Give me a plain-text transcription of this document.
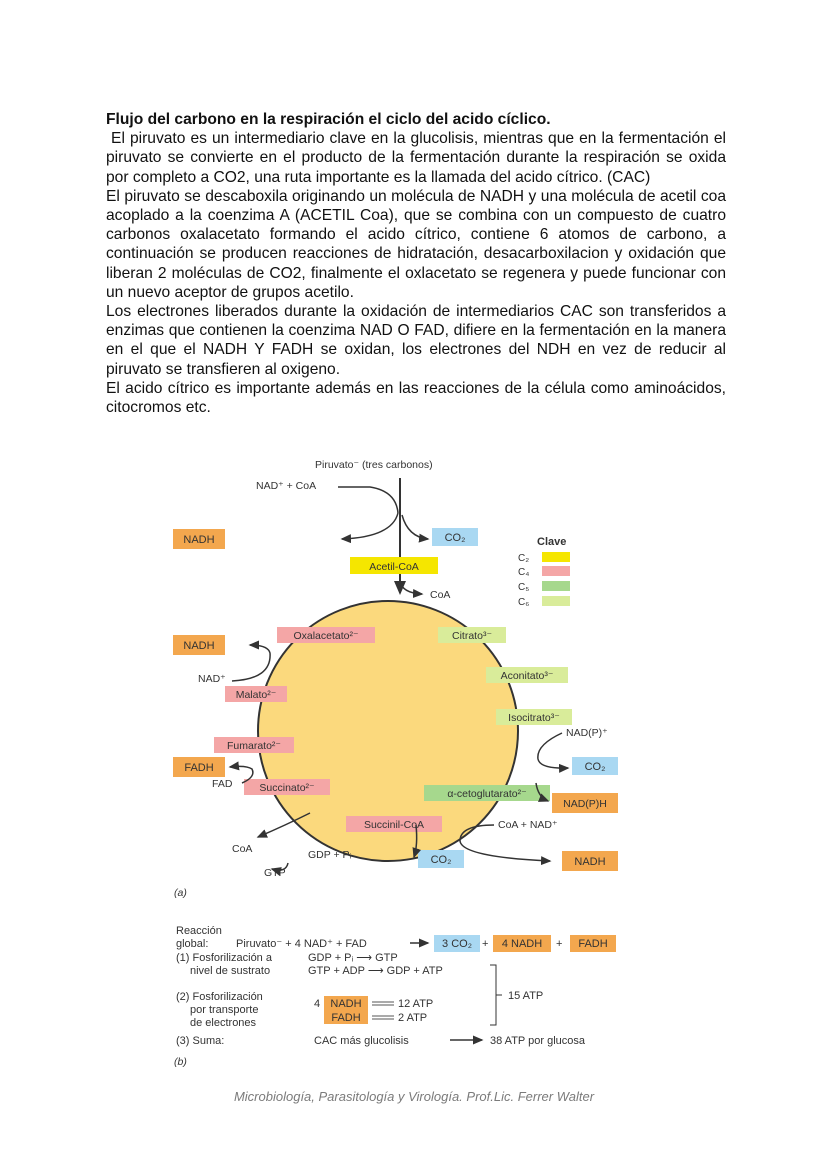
Flujo del carbono en la respiración el ciclo del acido cíclico.

El piruvato es un intermediario clave en la glucolisis, mientras que en la fermentación el piruvato se convierte en el producto de la fermentación durante la respiración se oxida por completo a CO2, una ruta importante es la llamada del acido cítrico. (CAC)

El piruvato se descaboxila originando un molécula de NADH y una molécula de acetil coa acoplado a la coenzima A (ACETIL Coa), que se combina con un compuesto de cuatro carbonos oxalacetato formando el acido cítrico, contiene 6 atomos de carbono, a continuación se producen reacciones de hidratación, desacarboxilacion y oxidación que liberan 2 moléculas de CO2, finalmente el oxlacetato se regenera y puede funcionar con un nuevo aceptor de grupos acetilo.

Los electrones liberados durante la oxidación de intermediarios CAC son transferidos a enzimas que contienen la coenzima NAD O FAD, difiere en la fermentación en la manera en el que el NADH Y FADH se oxidan, los electrones del NDH en vez de reducir al piruvato se transfieren al oxigeno.

El acido cítrico es importante además en las reacciones de la célula como aminoácidos, citocromos etc.

Piruvato⁻ (tres carbonos)
NAD⁺ + CoA
NADH	CO₂
Acetil-CoA
CoA
Clave
C₂
C₄
C₅
C₆
Oxalacetato²⁻	Citrato³⁻
NADH
NAD⁺
Malato²⁻
Aconitato³⁻
Isocitrato³⁻
NAD(P)⁺
CO₂
α-cetoglutarato²⁻
NAD(P)H
CoA + NAD⁺
NADH
Succinil-CoA
CO₂
CoA	GDP + Pᵢ
GTP
Succinato²⁻
FAD
FADH
Fumarato²⁻
(a)
Reacción
global:	Piruvato⁻ + 4 NAD⁺ + FAD	3 CO₂ + 4 NADH + FADH
(1) Fosforilización a
nivel de sustrato
GDP + Pᵢ ⟶ GTP
GTP + ADP ⟶ GDP + ATP
(2) Fosforilización
por transporte
de electrones
4 NADH	12 ATP
FADH	2 ATP
15 ATP
(3) Suma:	CAC más glucolisis	38 ATP por glucosa
(b)
Microbiología, Parasitología y Virología. Prof.Lic. Ferrer Walter
